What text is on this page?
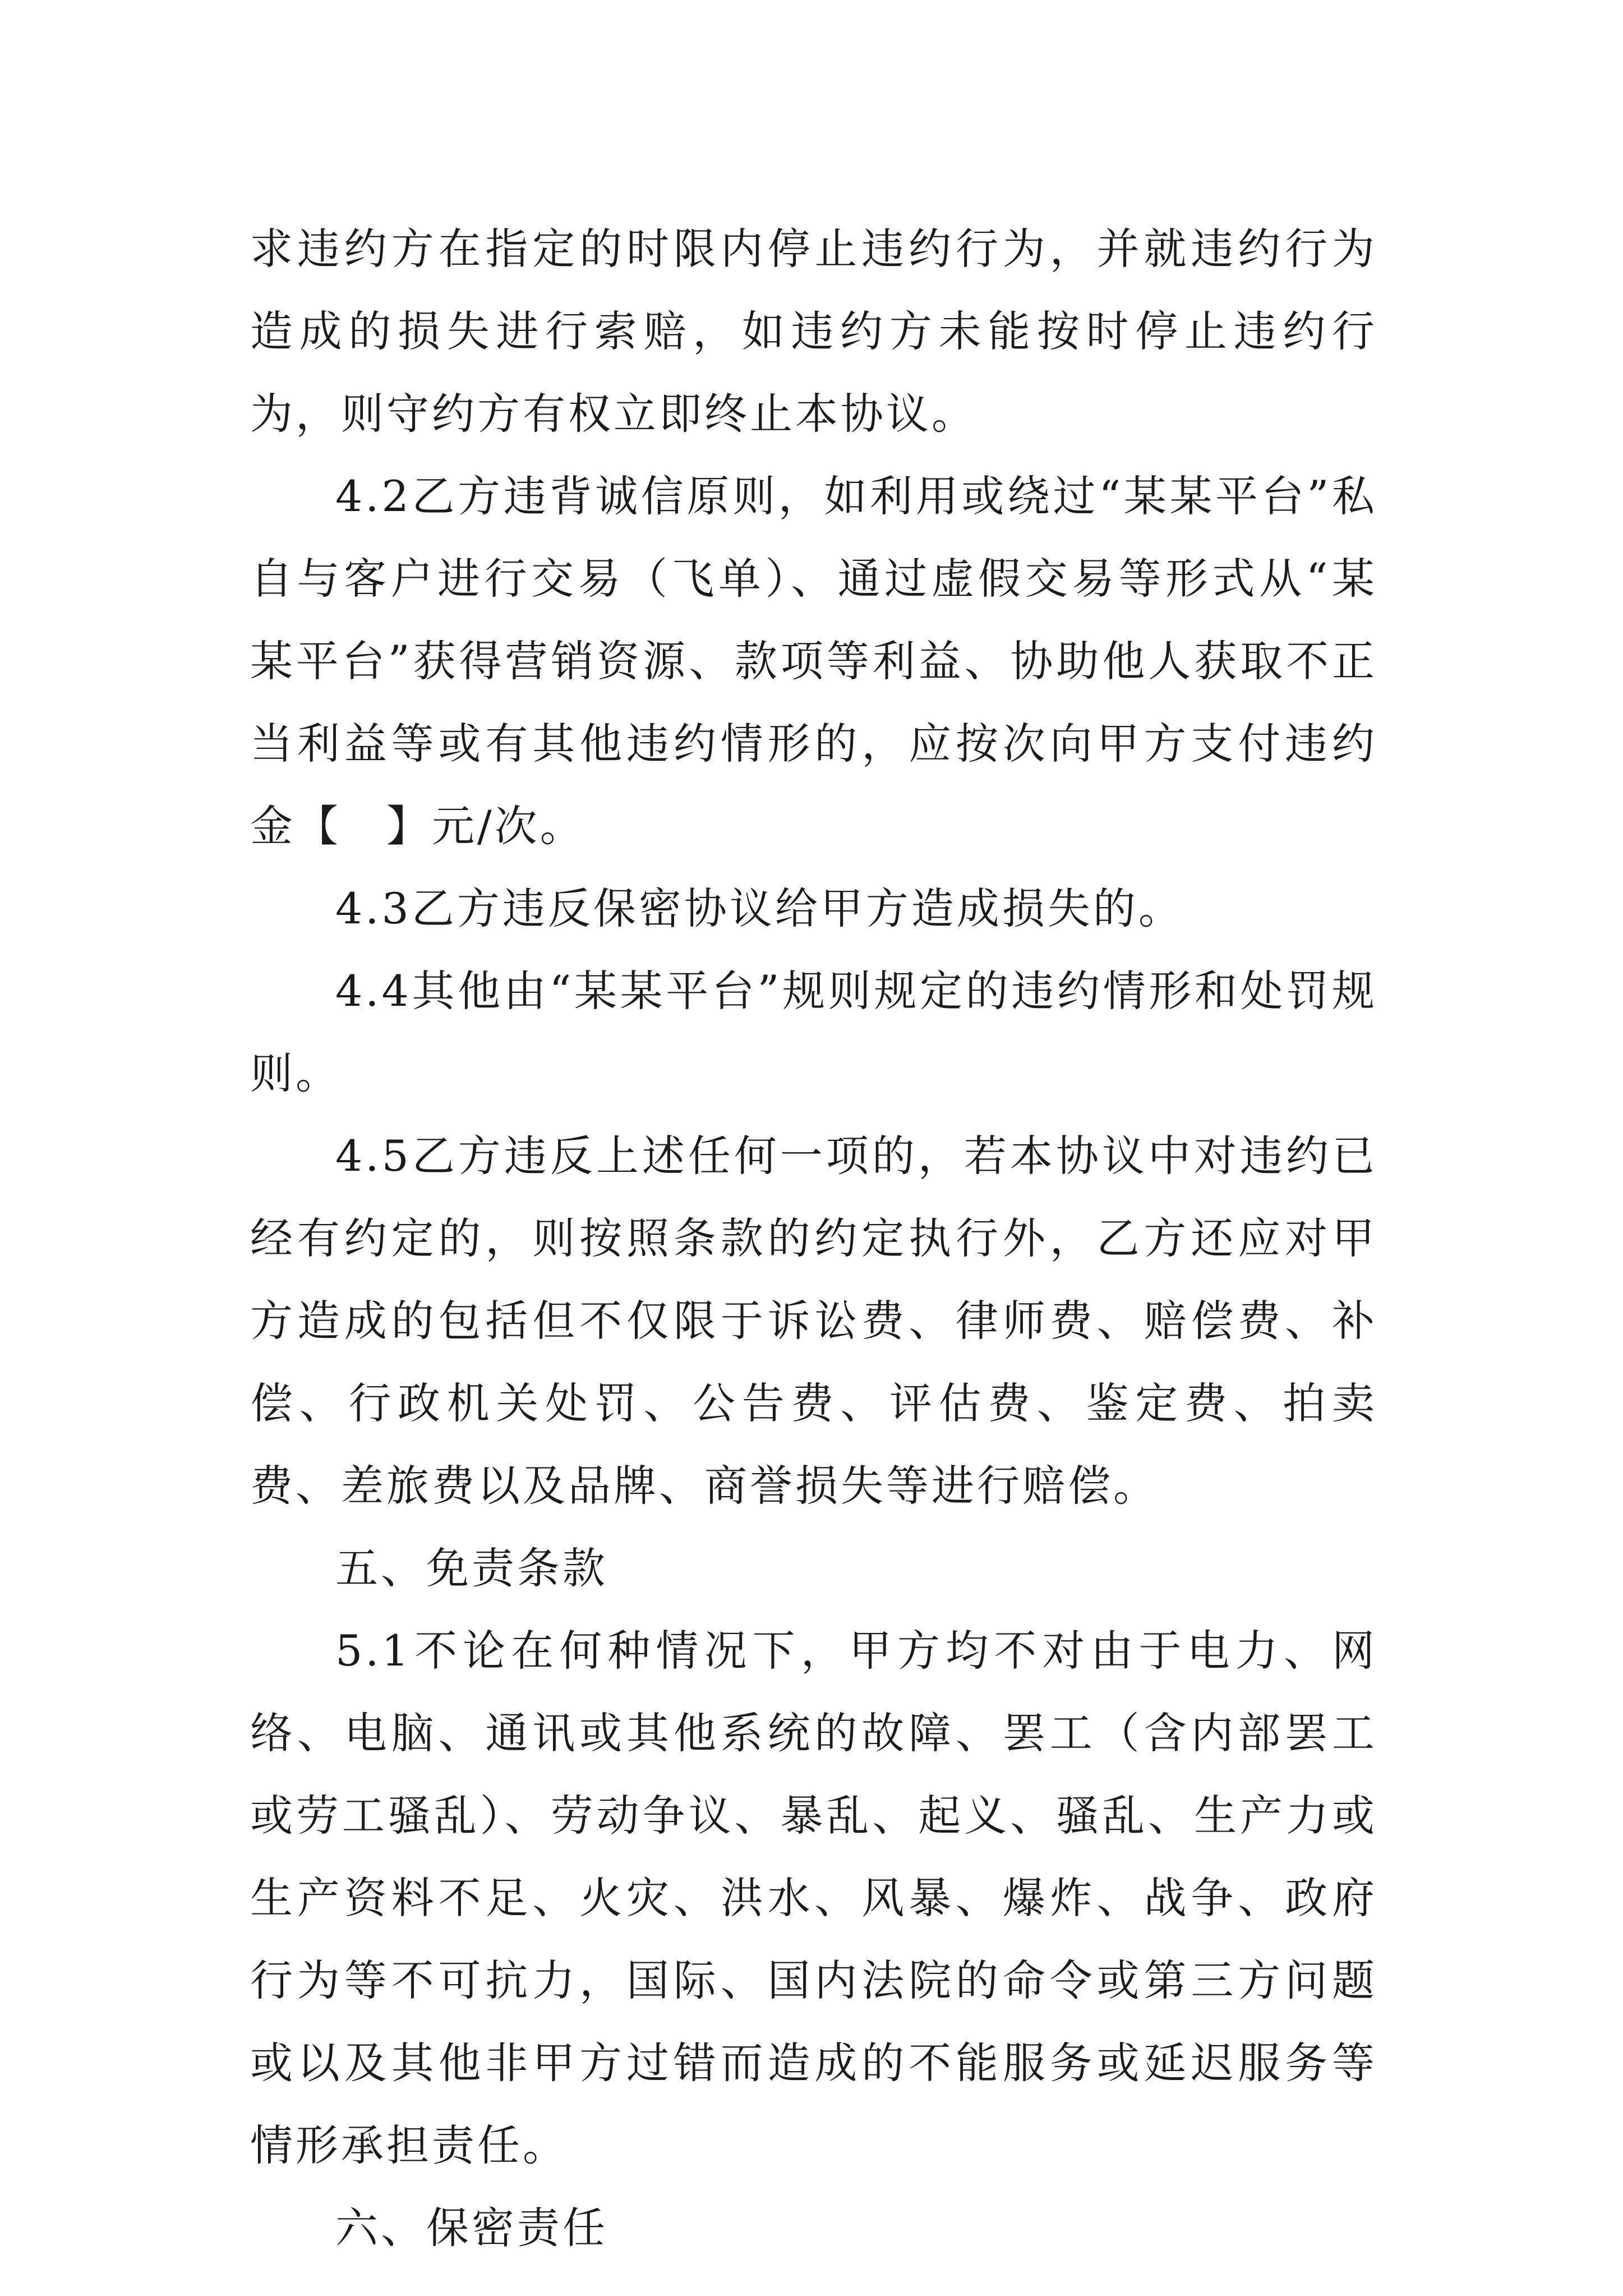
求违约方在指定的时限内停止违约行为，并就违约行为造成的损失进行索赔，如违约方未能按时停止违约行为，则守约方有权立即终止本协议。

4.2乙方违背诚信原则，如利用或绕过“某某平台”私自与客户进行交易（飞单）、通过虚假交易等形式从“某某平台”获得营销资源、款项等利益、协助他人获取不正当利益等或有其他违约情形的，应按次向甲方支付违约金【　】元/次。

4.3乙方违反保密协议给甲方造成损失的。

4.4其他由“某某平台”规则规定的违约情形和处罚规则。

4.5乙方违反上述任何一项的，若本协议中对违约已经有约定的，则按照条款的约定执行外，乙方还应对甲方造成的包括但不仅限于诉讼费、律师费、赔偿费、补偿、行政机关处罚、公告费、评估费、鉴定费、拍卖费、差旅费以及品牌、商誉损失等进行赔偿。

五、免责条款

5.1不论在何种情况下，甲方均不对由于电力、网络、电脑、通讯或其他系统的故障、罢工（含内部罢工或劳工骚乱）、劳动争议、暴乱、起义、骚乱、生产力或生产资料不足、火灾、洪水、风暴、爆炸、战争、政府行为等不可抗力，国际、国内法院的命令或第三方问题或以及其他非甲方过错而造成的不能服务或延迟服务等情形承担责任。

六、保密责任
